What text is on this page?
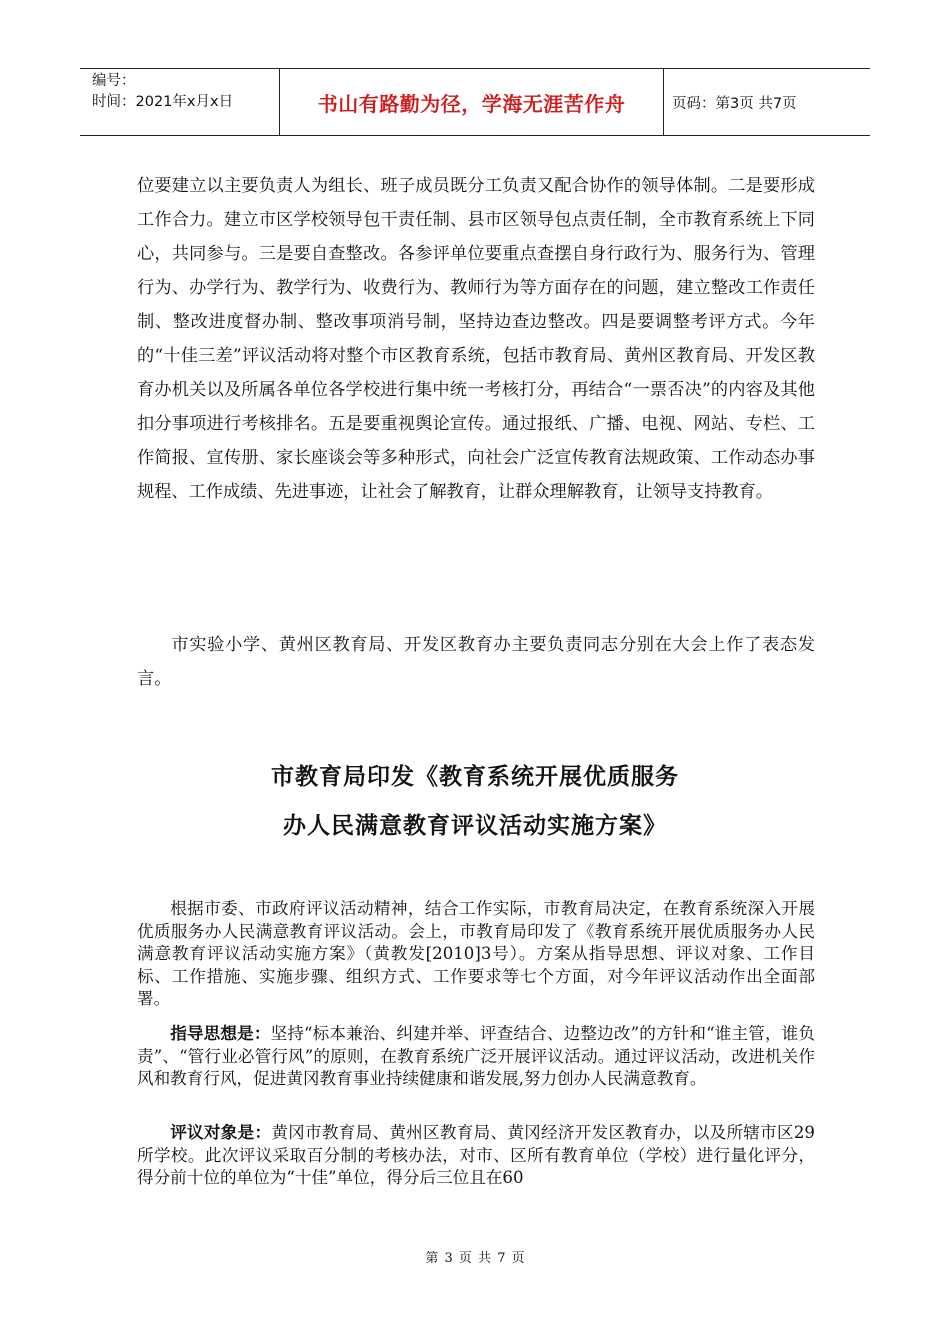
编号：
时间：2021年x月x日	书山有路勤为径，学海无涯苦作舟	页码：第3页 共7页

位要建立以主要负责人为组长、班子成员既分工负责又配合协作的领导体制。二是要形成工作合力。建立市区学校领导包干责任制、县市区领导包点责任制，全市教育系统上下同心，共同参与。三是要自查整改。各参评单位要重点查摆自身行政行为、服务行为、管理行为、办学行为、教学行为、收费行为、教师行为等方面存在的问题，建立整改工作责任制、整改进度督办制、整改事项消号制，坚持边查边整改。四是要调整考评方式。今年的“十佳三差”评议活动将对整个市区教育系统，包括市教育局、黄州区教育局、开发区教育办机关以及所属各单位各学校进行集中统一考核打分，再结合“一票否决”的内容及其他扣分事项进行考核排名。五是要重视舆论宣传。通过报纸、广播、电视、网站、专栏、工作简报、宣传册、家长座谈会等多种形式，向社会广泛宣传教育法规政策、工作动态办事规程、工作成绩、先进事迹，让社会了解教育，让群众理解教育，让领导支持教育。

市实验小学、黄州区教育局、开发区教育办主要负责同志分别在大会上作了表态发言。

市教育局印发《教育系统开展优质服务
办人民满意教育评议活动实施方案》

根据市委、市政府评议活动精神，结合工作实际，市教育局决定，在教育系统深入开展优质服务办人民满意教育评议活动。会上，市教育局印发了《教育系统开展优质服务办人民满意教育评议活动实施方案》（黄教发[2010]3号）。方案从指导思想、评议对象、工作目标、工作措施、实施步骤、组织方式、工作要求等七个方面，对今年评议活动作出全面部署。

指导思想是：坚持“标本兼治、纠建并举、评查结合、边整边改”的方针和“谁主管，谁负责”、“管行业必管行风”的原则，在教育系统广泛开展评议活动。通过评议活动，改进机关作风和教育行风，促进黄冈教育事业持续健康和谐发展,努力创办人民满意教育。

评议对象是：黄冈市教育局、黄州区教育局、黄冈经济开发区教育办，以及所辖市区29所学校。此次评议采取百分制的考核办法，对市、区所有教育单位（学校）进行量化评分，得分前十位的单位为“十佳”单位，得分后三位且在60

第 3 页 共 7 页
